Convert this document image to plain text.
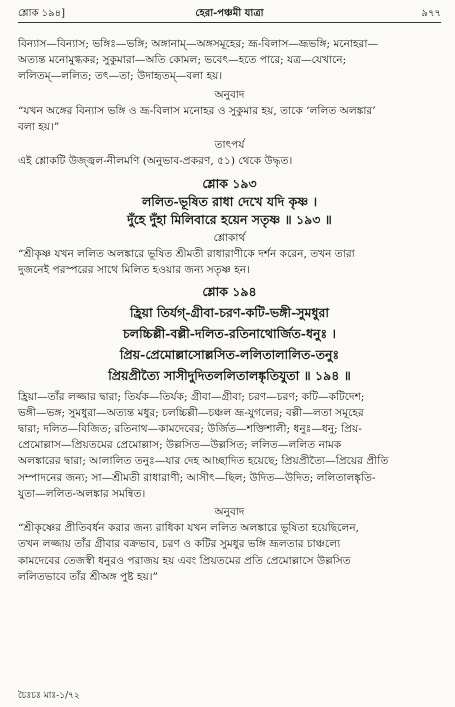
শ্লোক ১৯৪]	হেরা-পঞ্চমী যাত্রা	৯৭৭
বিন্যাস—বিন্যাস; ভঙ্গিঃ—ভঙ্গি; অঙ্গানাম্—অঙ্গসমূহের; ভ্রূ-বিলাস—ভ্রূভঙ্গি; মনোহরা—
অত্যন্ত মনোমুগ্ধকর; সুকুমারা—অতি কোমল; ভবেৎ—হতে পারে; যত্র—যেখানে;
ললিতম্—ললিত; তৎ—তা; উদাহৃতম্—বলা হয়।
অনুবাদ
“যখন অঙ্গের বিন্যাস ভঙ্গি ও ভ্রূ-বিলাস মনোহর ও সুকুমার হয়, তাকে ‘ললিত অলঙ্কার’
বলা হয়।”
তাৎপর্য
এই শ্লোকটি উজ্জ্বল-নীলমণি (অনুভাব-প্রকরণ, ৫১) থেকে উদ্ধৃত।
শ্লোক ১৯৩
ললিত-ভূষিত রাধা দেখে যদি কৃষ্ণ ।
দুঁহে দুঁহা মিলিবারে হয়েন সতৃষ্ণ ॥ ১৯৩ ॥
শ্লোকার্থ
“শ্রীকৃষ্ণ যখন ললিত অলঙ্কারে ভূষিত শ্রীমতী রাধারাণীকে দর্শন করেন, তখন তারা
দুজনেই পরস্পরের সাথে মিলিত হওয়ার জন্য সতৃষ্ণ হন।
শ্লোক ১৯৪
হ্রিয়া তির্যগ্‌-গ্রীবা-চরণ-কটি-ভঙ্গী-সুমধুরা
চলচ্চিল্লী-বল্লী-দলিত-রতিনাথোর্জিত-ধনুঃ ।
প্রিয়-প্রেমোল্লাসোল্লসিত-ললিতালালিত-তনুঃ
প্রিয়প্রীত্যৈ সাসীদুদিতললিতালঙ্কৃতিযুতা ॥ ১৯৪ ॥
হ্রিয়া—তাঁর লজ্জার দ্বারা; তির্যক—তির্যক; গ্রীবা—গ্রীবা; চরণ—চরণ; কটি—কটিদেশ;
ভঙ্গী—ভঙ্গ; সুমধুরা—অত্যন্ত মধুর; চলচ্চিল্লী—চঞ্চল ভ্রূ-যুগলের; বল্লী—লতা সমূহের
দ্বারা; দলিত—বিজিত; রতিনাথ—কামদেবের; উর্জিত—শক্তিশালী; ধনুঃ—ধনু; প্রিয়-
প্রেমোল্লাস—প্রিয়তমের প্রেমোল্লাস; উল্লসিত—উল্লসিত; ললিত—ললিত নামক
অলঙ্কারের দ্বারা; আলালিত তনুঃ—যার দেহ আচ্ছাদিত হয়েছে; প্রিয়প্রীত্যৈ—প্রিয়ের প্রীতি
সম্পাদনের জন্য; সা—শ্রীমতী রাধারাণী; আসীৎ—ছিল; উদিত—উদিত; ললিতালঙ্কৃতি-
যুতা—ললিত-অলঙ্কার সমন্বিত।
অনুবাদ
“শ্রীকৃষ্ণের প্রীতিবর্ধন করার জন্য রাধিকা যখন ললিত অলঙ্কারে ভূষিতা হয়েছিলেন,
তখন লজ্জায় তাঁর গ্রীবার বক্রভাব, চরণ ও কটির সুমধুর ভঙ্গি ভ্রূলতার চাঞ্চল্যে
কামদেবের তেজস্বী ধনুরও পরাজয় হয় এবং প্রিয়তমের প্রতি প্রেমোল্লাসে উল্লসিত
ললিতভাবে তাঁর শ্রীঅঙ্গ পুষ্ট হয়।”
চৈঃচঃ মাঃ-১/৭২
